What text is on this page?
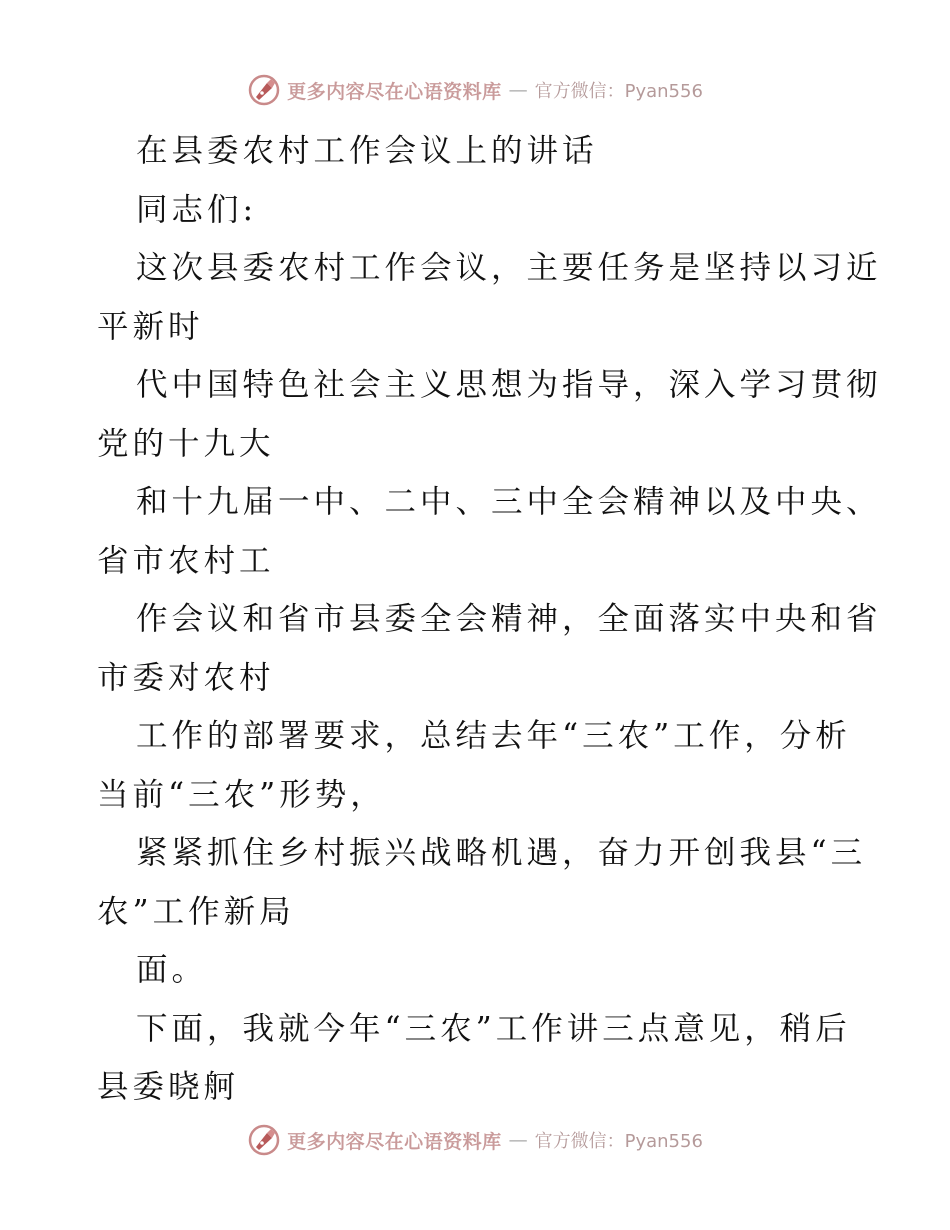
更多内容尽在心语资料库 — 官方微信：Pyan556
在县委农村工作会议上的讲话
同志们:
这次县委农村工作会议，主要任务是坚持以习近
平新时
代中国特色社会主义思想为指导，深入学习贯彻
党的十九大
和十九届一中、二中、三中全会精神以及中央、
省市农村工
作会议和省市县委全会精神，全面落实中央和省
市委对农村
工作的部署要求，总结去年“三农”工作，分析
当前“三农”形势，
紧紧抓住乡村振兴战略机遇，奋力开创我县“三
农”工作新局
面。
下面，我就今年“三农”工作讲三点意见，稍后
县委晓舸
更多内容尽在心语资料库 — 官方微信：Pyan556
